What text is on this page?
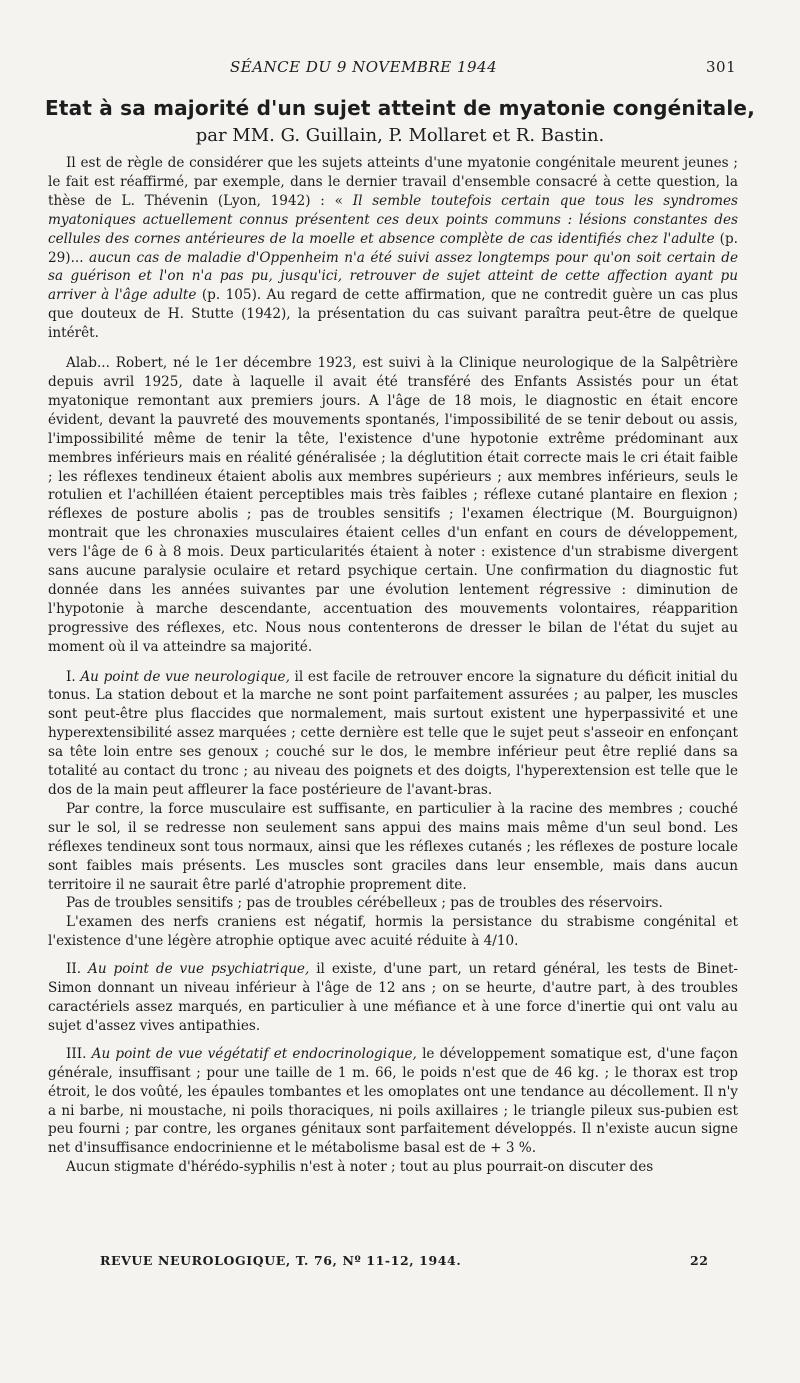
SÉANCE DU 9 NOVEMBRE 1944	301
Etat à sa majorité d'un sujet atteint de myatonie congénitale,
par MM. G. Guillain, P. Mollaret et R. Bastin.

Il est de règle de considérer que les sujets atteints d'une myatonie congénitale meurent jeunes ; le fait est réaffirmé, par exemple, dans le dernier travail d'ensemble consacré à cette question, la thèse de L. Thévenin (Lyon, 1942) : « Il semble toutefois certain que tous les syndromes myatoniques actuellement connus présentent ces deux points communs : lésions constantes des cellules des cornes antérieures de la moelle et absence complète de cas identifiés chez l'adulte (p. 29)... aucun cas de maladie d'Oppenheim n'a été suivi assez longtemps pour qu'on soit certain de sa guérison et l'on n'a pas pu, jusqu'ici, retrouver de sujet atteint de cette affection ayant pu arriver à l'âge adulte (p. 105). Au regard de cette affirmation, que ne contredit guère un cas plus que douteux de H. Stutte (1942), la présentation du cas suivant paraîtra peut-être de quelque intérêt.

Alab... Robert, né le 1er décembre 1923, est suivi à la Clinique neurologique de la Salpêtrière depuis avril 1925, date à laquelle il avait été transféré des Enfants Assistés pour un état myatonique remontant aux premiers jours. A l'âge de 18 mois, le diagnostic en était encore évident, devant la pauvreté des mouvements spontanés, l'impossibilité de se tenir debout ou assis, l'impossibilité même de tenir la tête, l'existence d'une hypotonie extrême prédominant aux membres inférieurs mais en réalité généralisée ; la déglutition était correcte mais le cri était faible ; les réflexes tendineux étaient abolis aux membres supérieurs ; aux membres inférieurs, seuls le rotulien et l'achilléen étaient perceptibles mais très faibles ; réflexe cutané plantaire en flexion ; réflexes de posture abolis ; pas de troubles sensitifs ; l'examen électrique (M. Bourguignon) montrait que les chronaxies musculaires étaient celles d'un enfant en cours de développement, vers l'âge de 6 à 8 mois. Deux particularités étaient à noter : existence d'un strabisme divergent sans aucune paralysie oculaire et retard psychique certain. Une confirmation du diagnostic fut donnée dans les années suivantes par une évolution lentement régressive : diminution de l'hypotonie à marche descendante, accentuation des mouvements volontaires, réapparition progressive des réflexes, etc. Nous nous contenterons de dresser le bilan de l'état du sujet au moment où il va atteindre sa majorité.

I. Au point de vue neurologique, il est facile de retrouver encore la signature du déficit initial du tonus. La station debout et la marche ne sont point parfaitement assurées ; au palper, les muscles sont peut-être plus flaccides que normalement, mais surtout existent une hyperpassivité et une hyperextensibilité assez marquées ; cette dernière est telle que le sujet peut s'asseoir en enfonçant sa tête loin entre ses genoux ; couché sur le dos, le membre inférieur peut être replié dans sa totalité au contact du tronc ; au niveau des poignets et des doigts, l'hyperextension est telle que le dos de la main peut affleurer la face postérieure de l'avant-bras.

Par contre, la force musculaire est suffisante, en particulier à la racine des membres ; couché sur le sol, il se redresse non seulement sans appui des mains mais même d'un seul bond. Les réflexes tendineux sont tous normaux, ainsi que les réflexes cutanés ; les réflexes de posture locale sont faibles mais présents. Les muscles sont graciles dans leur ensemble, mais dans aucun territoire il ne saurait être parlé d'atrophie proprement dite.

Pas de troubles sensitifs ; pas de troubles cérébelleux ; pas de troubles des réservoirs.

L'examen des nerfs craniens est négatif, hormis la persistance du strabisme congénital et l'existence d'une légère atrophie optique avec acuité réduite à 4/10.

II. Au point de vue psychiatrique, il existe, d'une part, un retard général, les tests de Binet-Simon donnant un niveau inférieur à l'âge de 12 ans ; on se heurte, d'autre part, à des troubles caractériels assez marqués, en particulier à une méfiance et à une force d'inertie qui ont valu au sujet d'assez vives antipathies.

III. Au point de vue végétatif et endocrinologique, le développement somatique est, d'une façon générale, insuffisant ; pour une taille de 1 m. 66, le poids n'est que de 46 kg. ; le thorax est trop étroit, le dos voûté, les épaules tombantes et les omoplates ont une tendance au décollement. Il n'y a ni barbe, ni moustache, ni poils thoraciques, ni poils axillaires ; le triangle pileux sus-pubien est peu fourni ; par contre, les organes génitaux sont parfaitement développés. Il n'existe aucun signe net d'insuffisance endocrinienne et le métabolisme basal est de + 3 %.

Aucun stigmate d'hérédo-syphilis n'est à noter ; tout au plus pourrait-on discuter des

REVUE NEUROLOGIQUE, T. 76, Nº 11-12, 1944.	22
